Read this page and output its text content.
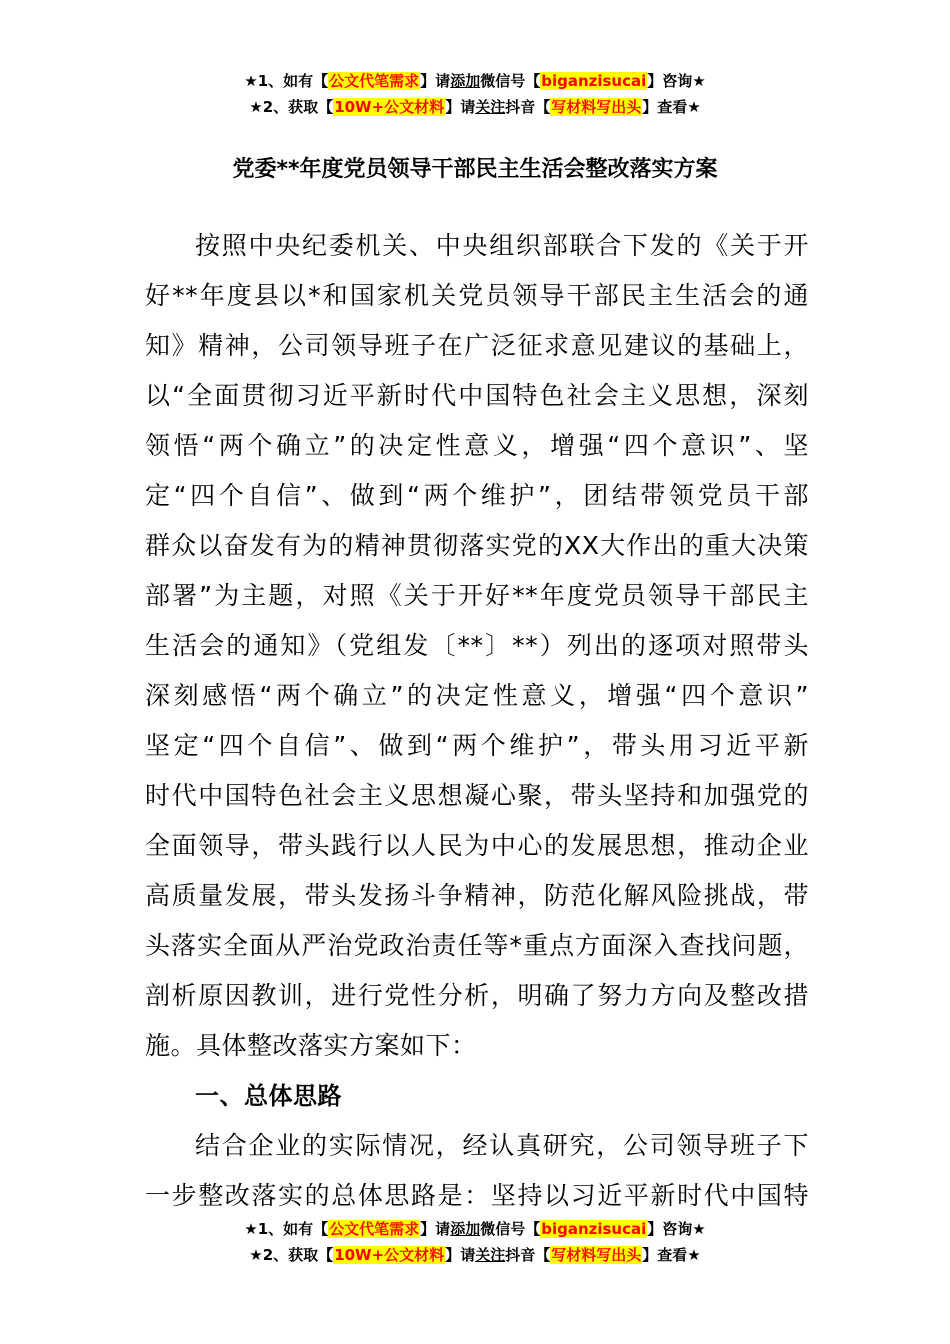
★1、如有【公文代笔需求】请添加微信号【biganzisucai】咨询★
★2、获取【10W+公文材料】请关注抖音【写材料写出头】查看★
党委**年度党员领导干部民主生活会整改落实方案
按照中央纪委机关、中央组织部联合下发的《关于开
好**年度县以*和国家机关党员领导干部民主生活会的通
知》精神，公司领导班子在广泛征求意见建议的基础上，
以“全面贯彻习近平新时代中国特色社会主义思想，深刻
领悟“两个确立”的决定性意义，增强“四个意识”、坚
定“四个自信”、做到“两个维护”，团结带领党员干部
群众以奋发有为的精神贯彻落实党的XX大作出的重大决策
部署”为主题，对照《关于开好**年度党员领导干部民主
生活会的通知》（党组发〔**〕**）列出的逐项对照带头
深刻感悟“两个确立”的决定性意义，增强“四个意识”
坚定“四个自信”、做到“两个维护”，带头用习近平新
时代中国特色社会主义思想凝心聚，带头坚持和加强党的
全面领导，带头践行以人民为中心的发展思想，推动企业
高质量发展，带头发扬斗争精神，防范化解风险挑战，带
头落实全面从严治党政治责任等*重点方面深入查找问题，
剖析原因教训，进行党性分析，明确了努力方向及整改措
施。具体整改落实方案如下：
一、总体思路
结合企业的实际情况，经认真研究，公司领导班子下
一步整改落实的总体思路是：坚持以习近平新时代中国特
★1、如有【公文代笔需求】请添加微信号【biganzisucai】咨询★
★2、获取【10W+公文材料】请关注抖音【写材料写出头】查看★
